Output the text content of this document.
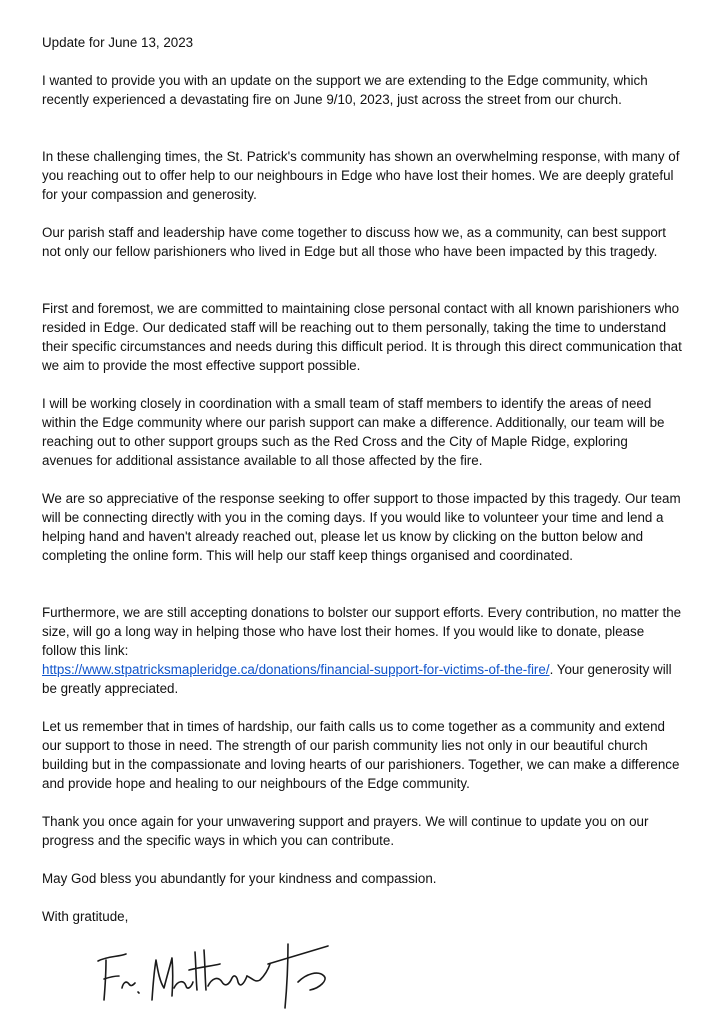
Update for June 13, 2023

I wanted to provide you with an update on the support we are extending to the Edge community, which recently experienced a devastating fire on June 9/10, 2023, just across the street from our church.

In these challenging times, the St. Patrick's community has shown an overwhelming response, with many of you reaching out to offer help to our neighbours in Edge who have lost their homes. We are deeply grateful for your compassion and generosity.

Our parish staff and leadership have come together to discuss how we, as a community, can best support not only our fellow parishioners who lived in Edge but all those who have been impacted by this tragedy.

First and foremost, we are committed to maintaining close personal contact with all known parishioners who resided in Edge. Our dedicated staff will be reaching out to them personally, taking the time to understand their specific circumstances and needs during this difficult period. It is through this direct communication that we aim to provide the most effective support possible.

I will be working closely in coordination with a small team of staff members to identify the areas of need within the Edge community where our parish support can make a difference. Additionally, our team will be reaching out to other support groups such as the Red Cross and the City of Maple Ridge, exploring avenues for additional assistance available to all those affected by the fire.

We are so appreciative of the response seeking to offer support to those impacted by this tragedy. Our team will be connecting directly with you in the coming days. If you would like to volunteer your time and lend a helping hand and haven't already reached out, please let us know by clicking on the button below and completing the online form. This will help our staff keep things organised and coordinated.

Furthermore, we are still accepting donations to bolster our support efforts. Every contribution, no matter the size, will go a long way in helping those who have lost their homes. If you would like to donate, please follow this link:
https://www.stpatricksmapleridge.ca/donations/financial-support-for-victims-of-the-fire/. Your generosity will be greatly appreciated.

Let us remember that in times of hardship, our faith calls us to come together as a community and extend our support to those in need. The strength of our parish community lies not only in our beautiful church building but in the compassionate and loving hearts of our parishioners. Together, we can make a difference and provide hope and healing to our neighbours of the Edge community.

Thank you once again for your unwavering support and prayers. We will continue to update you on our progress and the specific ways in which you can contribute.

May God bless you abundantly for your kindness and compassion.

With gratitude,
